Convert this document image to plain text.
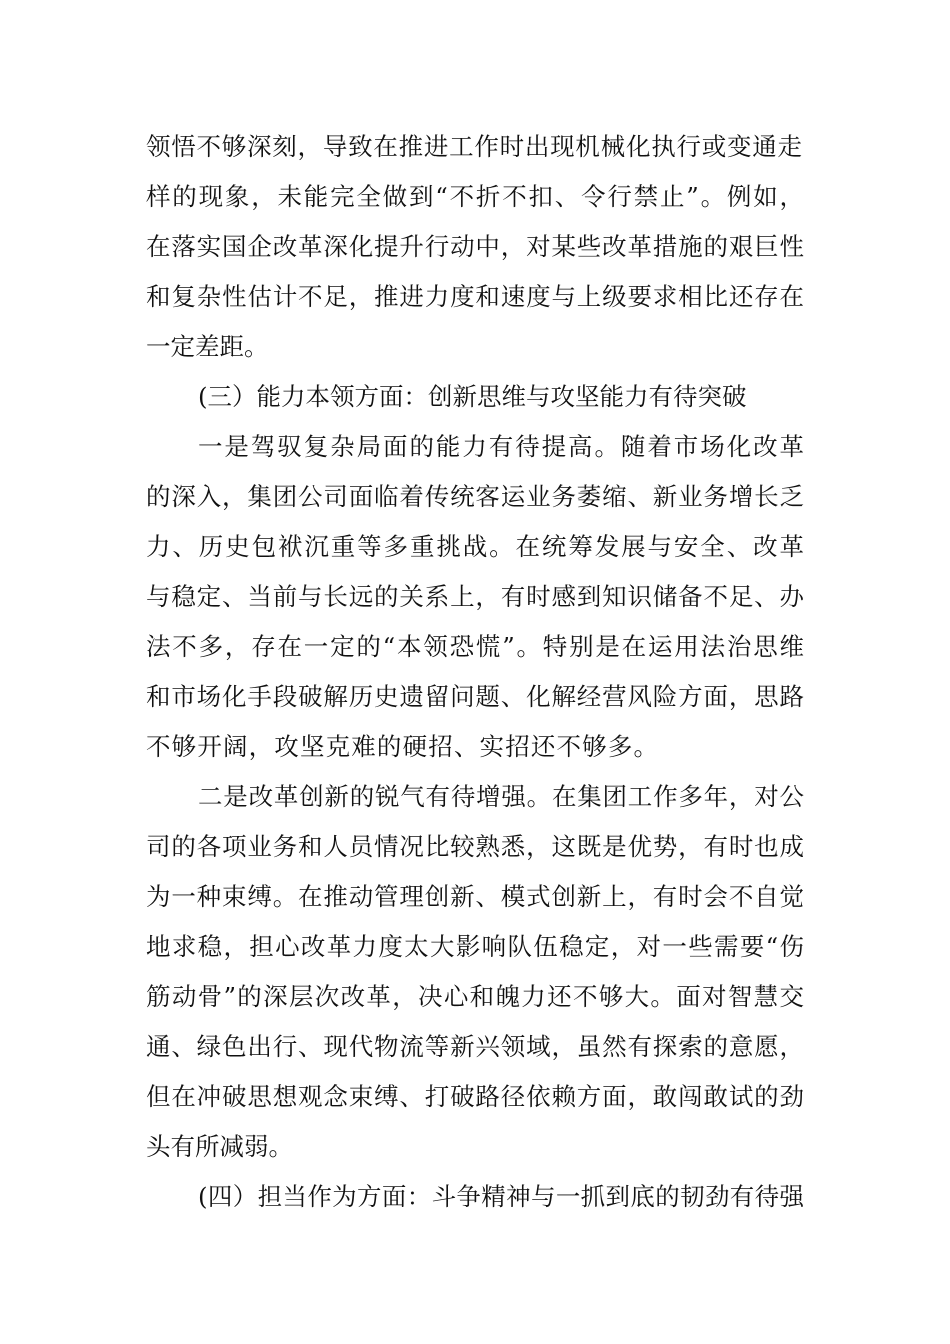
领悟不够深刻，导致在推进工作时出现机械化执行或变通走
样的现象，未能完全做到“不折不扣、令行禁止”。例如，
在落实国企改革深化提升行动中，对某些改革措施的艰巨性
和复杂性估计不足，推进力度和速度与上级要求相比还存在
一定差距。
(三）能力本领方面：创新思维与攻坚能力有待突破
一是驾驭复杂局面的能力有待提高。随着市场化改革
的深入，集团公司面临着传统客运业务萎缩、新业务增长乏
力、历史包袱沉重等多重挑战。在统筹发展与安全、改革
与稳定、当前与长远的关系上，有时感到知识储备不足、办
法不多，存在一定的“本领恐慌”。特别是在运用法治思维
和市场化手段破解历史遗留问题、化解经营风险方面，思路
不够开阔，攻坚克难的硬招、实招还不够多。
二是改革创新的锐气有待增强。在集团工作多年，对公
司的各项业务和人员情况比较熟悉，这既是优势，有时也成
为一种束缚。在推动管理创新、模式创新上，有时会不自觉
地求稳，担心改革力度太大影响队伍稳定，对一些需要“伤
筋动骨”的深层次改革，决心和魄力还不够大。面对智慧交
通、绿色出行、现代物流等新兴领域，虽然有探索的意愿，
但在冲破思想观念束缚、打破路径依赖方面，敢闯敢试的劲
头有所减弱。
(四）担当作为方面：斗争精神与一抓到底的韧劲有待强
